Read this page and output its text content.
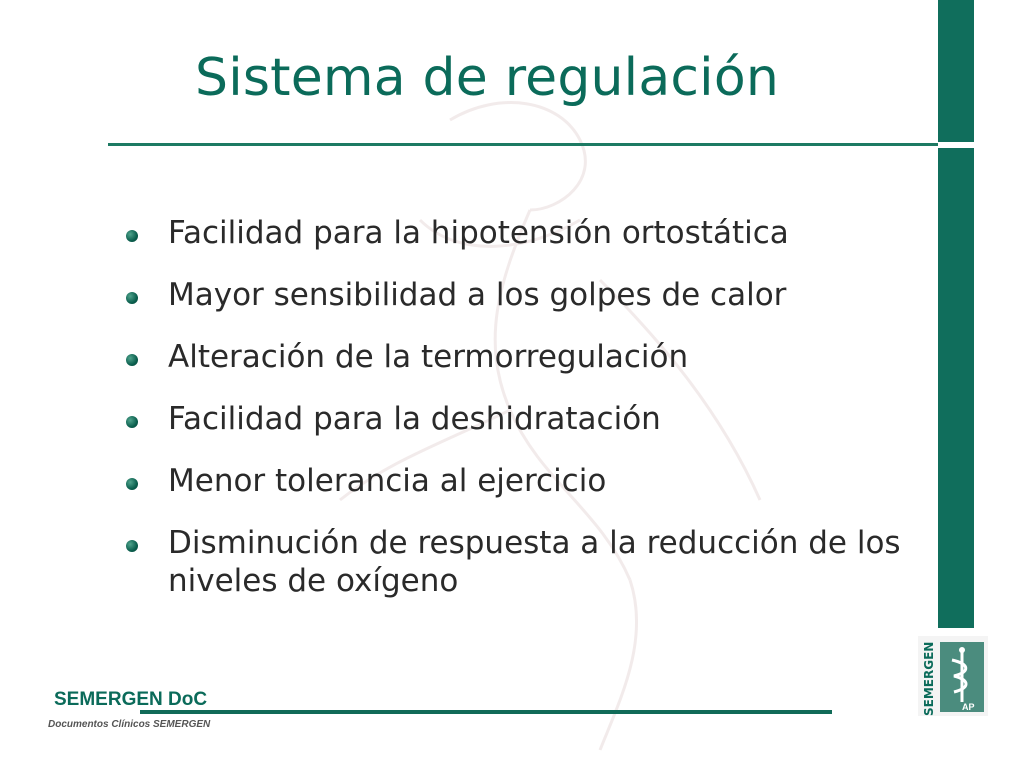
Sistema de regulación
Facilidad para la hipotensión ortostática
Mayor sensibilidad a los golpes de calor
Alteración de la termorregulación
Facilidad para la deshidratación
Menor tolerancia al ejercicio
Disminución de respuesta a la reducción de los niveles de oxígeno
SEMERGEN	AP
SEMERGEN DoC
Documentos Clínicos SEMERGEN
